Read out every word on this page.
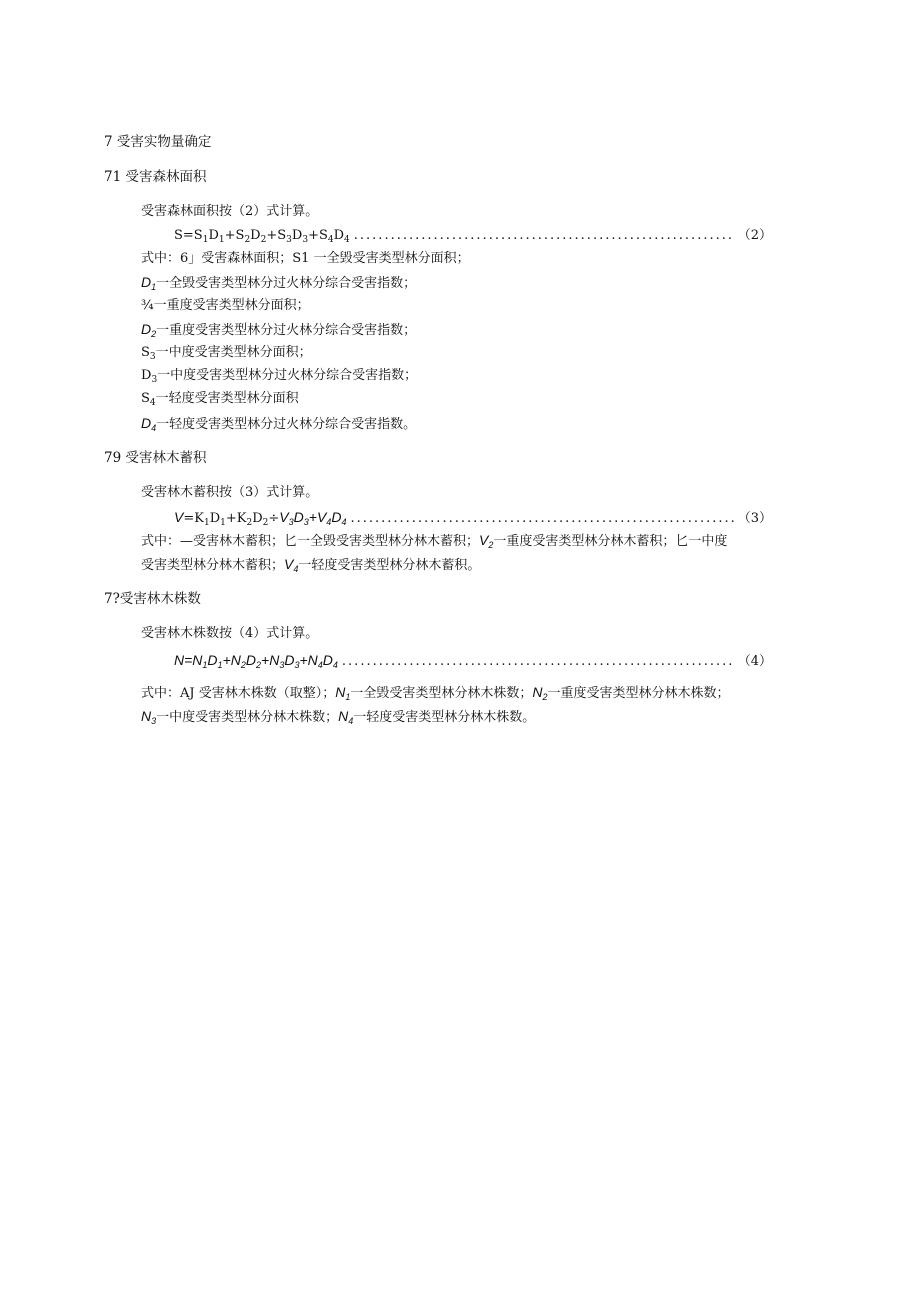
7 受害实物量确定
71 受害森林面积
受害森林面积按（2）式计算。
$S=S_1D_1+S_2D_2+S_3D_3+S_4D_4$ .....	（2）
式中：6」受害森林面积；S1 一全毁受害类型林分面积；
$D_1$一全毁受害类型林分过火林分综合受害指数；
¾一重度受害类型林分面积；
$D_2$一重度受害类型林分过火林分综合受害指数；
$S_3$一中度受害类型林分面积；
$D_3$一中度受害类型林分过火林分综合受害指数；
$S_4$一轻度受害类型林分面积
$D_4$一轻度受害类型林分过火林分综合受害指数。
79 受害林木蓄积
受害林木蓄积按（3）式计算。
$V=K_1D_1+K_2D_2\div V_3D_3+V_4D_4$ .....	（3）
式中：—受害林木蓄积；匕一全毁受害类型林分林木蓄积；$V_2$一重度受害类型林分林木蓄积；匕一中度
受害类型林分林木蓄积；$V_4$一轻度受害类型林分林木蓄积。
7?受害林木株数
受害林木株数按（4）式计算。
$N=N_1D_1+N_2D_2+N_3D_3+N_4D_4$ .....	（4）
式中：AJ 受害林木株数（取整）；$N_1$一全毁受害类型林分林木株数；$N_2$一重度受害类型林分林木株数；
$N_3$一中度受害类型林分林木株数；$N_4$一轻度受害类型林分林木株数。
